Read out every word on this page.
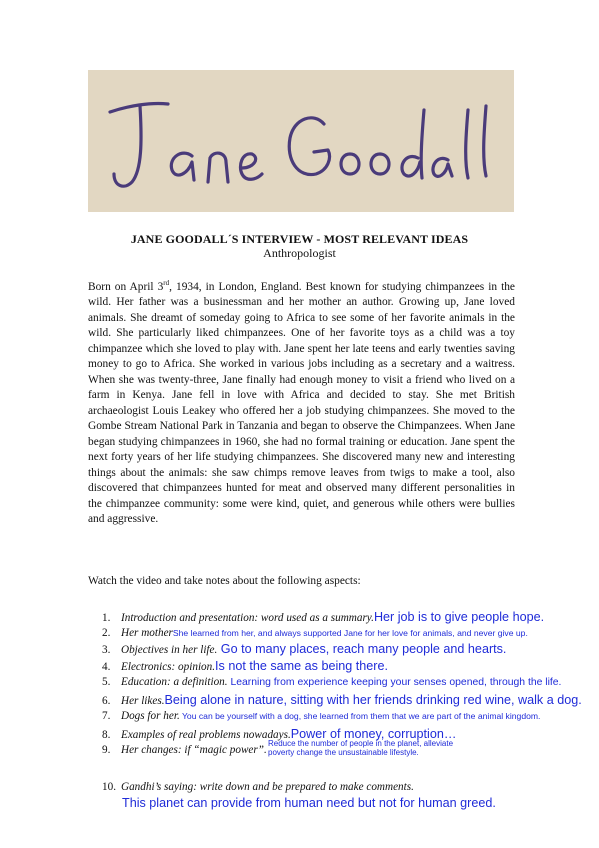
JANE GOODALL´S INTERVIEW - MOST RELEVANT IDEAS
Anthropologist

Born on April 3rd, 1934, in London, England. Best known for studying chimpanzees in the wild. Her father was a businessman and her mother an author. Growing up, Jane loved animals. She dreamt of someday going to Africa to see some of her favorite animals in the wild. She particularly liked chimpanzees. One of her favorite toys as a child was a toy chimpanzee which she loved to play with. Jane spent her late teens and early twenties saving money to go to Africa. She worked in various jobs including as a secretary and a waitress. When she was twenty-three, Jane finally had enough money to visit a friend who lived on a farm in Kenya. Jane fell in love with Africa and decided to stay. She met British archaeologist Louis Leakey who offered her a job studying chimpanzees. She moved to the Gombe Stream National Park in Tanzania and began to observe the Chimpanzees. When Jane began studying chimpanzees in 1960, she had no formal training or education. Jane spent the next forty years of her life studying chimpanzees. She discovered many new and interesting things about the animals: she saw chimps remove leaves from twigs to make a tool, also discovered that chimpanzees hunted for meat and observed many different personalities in the chimpanzee community: some were kind, quiet, and generous while others were bullies and aggressive.

Watch the video and take notes about the following aspects:

1. Introduction and presentation: word used as a summary.Her job is to give people hope.
2. Her motherShe learned from her, and always supported Jane for her love for animals, and never give up.
3. Objectives in her life. Go to many places, reach many people and hearts.
4. Electronics: opinion.Is not the same as being there.
5. Education: a definition. Learning from experience keeping your senses opened, through the life.
6. Her likes.Being alone in nature, sitting with her friends drinking red wine, walk a dog.
7. Dogs for her. You can be yourself with a dog, she learned from them that we are part of the animal kingdom.
8. Examples of real problems nowadays.Power of money, corruption…
9. Her changes: if “magic power”.
Reduce the number of people in the planet, alleviate
poverty change the unsustainable lifestyle.
10. Gandhi’s saying: write down and be prepared to make comments.
This planet can provide from human need but not for human greed.
